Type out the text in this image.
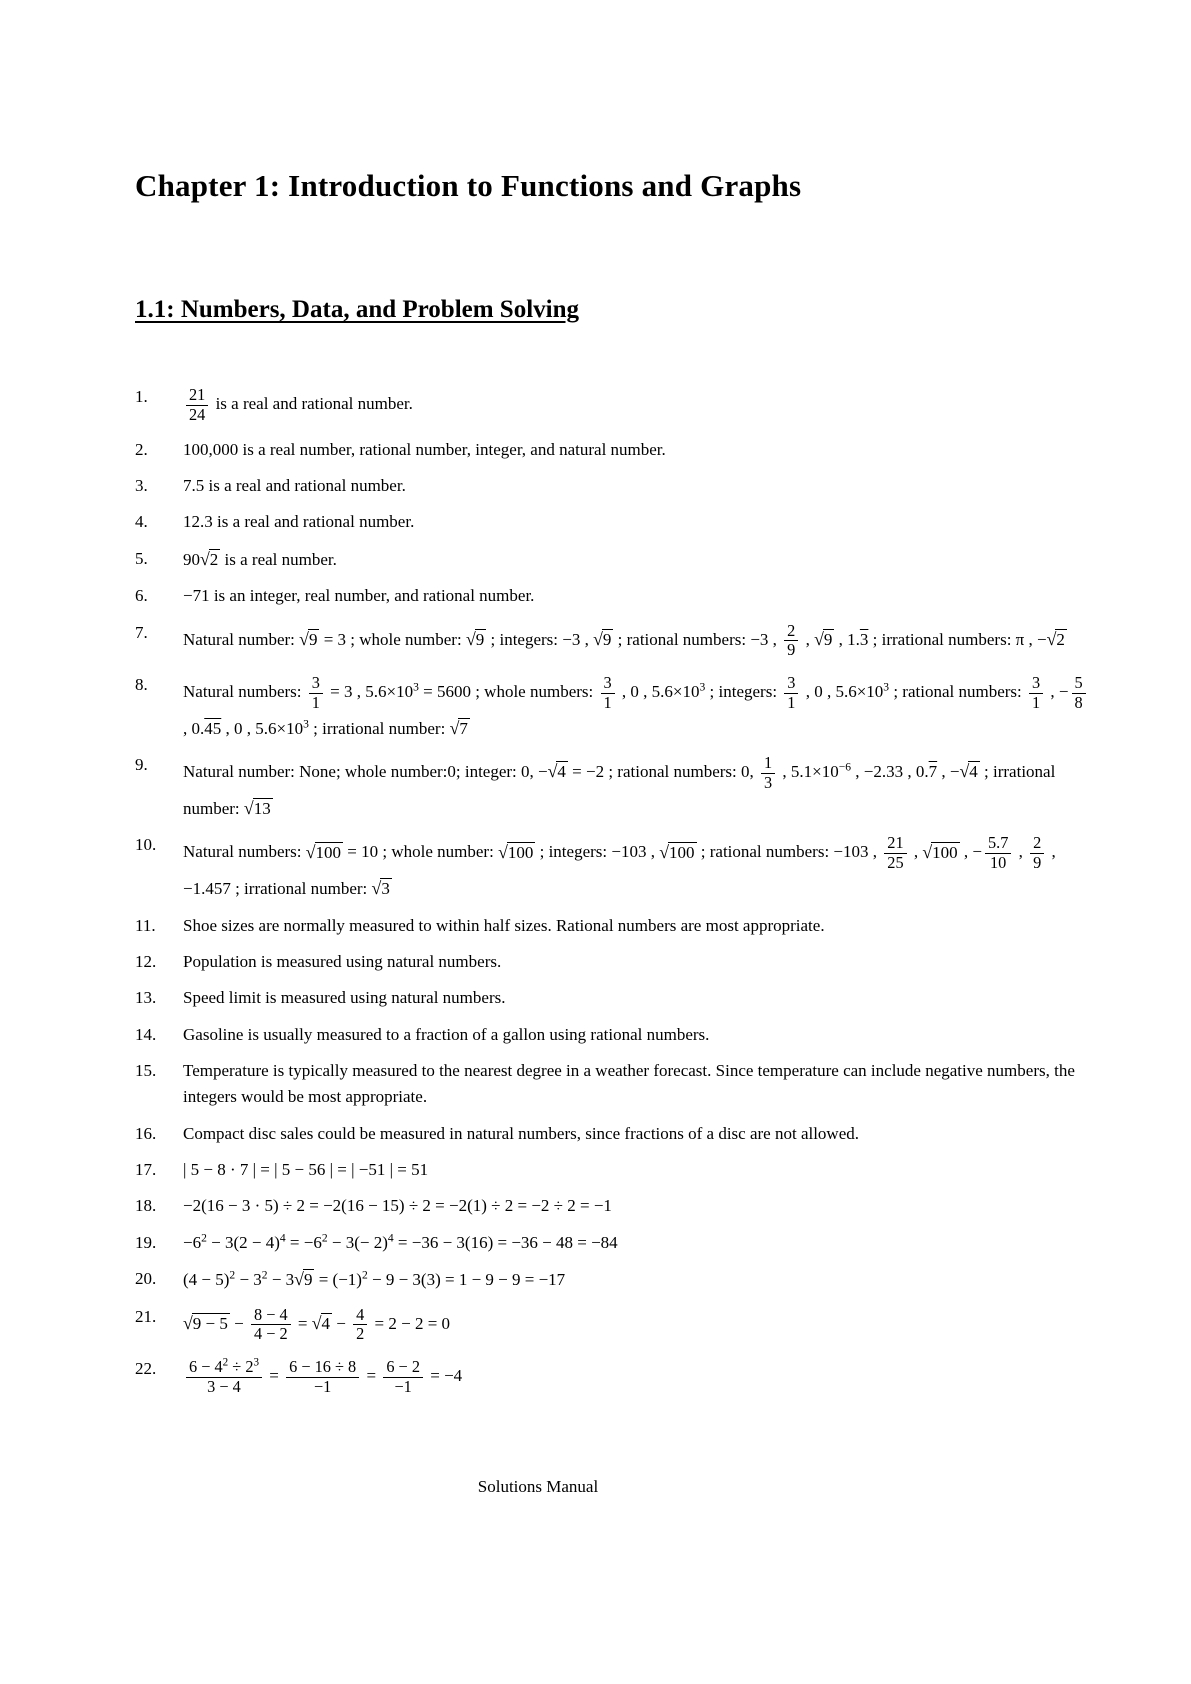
Chapter 1: Introduction to Functions and Graphs
1.1: Numbers, Data, and Problem Solving
1.	$\frac{21}{24}$ is a real and rational number.
2.	100,000 is a real number, rational number, integer, and natural number.
3.	7.5 is a real and rational number.
4.	12.3 is a real and rational number.
5.	90√2 is a real number.
6.	−71 is an integer, real number, and rational number.
7.	Natural number: √9 = 3 ; whole number: √9 ; integers: −3 , √9 ; rational numbers: −3 , $\frac{2}{9}$ , √9 , 1.3 ; irrational numbers: π , −√2
8.	Natural numbers: $\frac{3}{1} = 3$ , $5.6\times 10^3 = 5600$ ; whole numbers: $\frac{3}{1}$ , 0 , $5.6\times 10^3$ ; integers: $\frac{3}{1}$ , 0 , $5.6\times 10^3$ ; rational numbers: $\frac{3}{1}$ , − $\frac{5}{8}$
, 0.45 , 0 , $5.6\times 10^3$ ; irrational number: √7
9.	Natural number: None; whole number:0; integer: 0, −√4 = −2 ; rational numbers: 0, $\frac{1}{3}$ , $5.1\times 10^{-6}$ , −2.33 , 0.7 , −√4 ; irrational number: √13
10.	Natural numbers: √100 = 10 ; whole number: √100 ; integers: −103 , √100 ; rational numbers: −103 , $\frac{21}{25}$ , √100 , − $\frac{5.7}{10}$ , $\frac{2}{9}$ , −1.457 ; irrational number: √3
11.	Shoe sizes are normally measured to within half sizes. Rational numbers are most appropriate.
12.	Population is measured using natural numbers.
13.	Speed limit is measured using natural numbers.
14.	Gasoline is usually measured to a fraction of a gallon using rational numbers.
15.	Temperature is typically measured to the nearest degree in a weather forecast. Since temperature can include negative numbers, the integers would be most appropriate.
16.	Compact disc sales could be measured in natural numbers, since fractions of a disc are not allowed.
17.	| 5 − 8 · 7 | = | 5 − 56 | = | −51 | = 51
18.	−2(16 − 3 · 5) ÷ 2 = −2(16 − 15) ÷ 2 = −2(1) ÷ 2 = −2 ÷ 2 = −1
19.	$-6^2 - 3(2 - 4)^4 = -6^2 - 3(- 2)^4 = -36 - 3(16) = -36 - 48 = -84$
20.	$(4 - 5)^2 - 3^2 - 3√9 = (-1)^2 - 9 - 3(3) = 1 - 9 - 9 = -17$
21.	$√9 - 5 - \frac{8 - 4}{4 - 2} = √4 - \frac{4}{2} = 2 - 2 = 0$
22.	$\frac{6 - 4^2 \div 2^3}{3 - 4} = \frac{6 - 16 \div 8}{-1} = \frac{6 - 2}{-1} = -4$
Solutions Manual
